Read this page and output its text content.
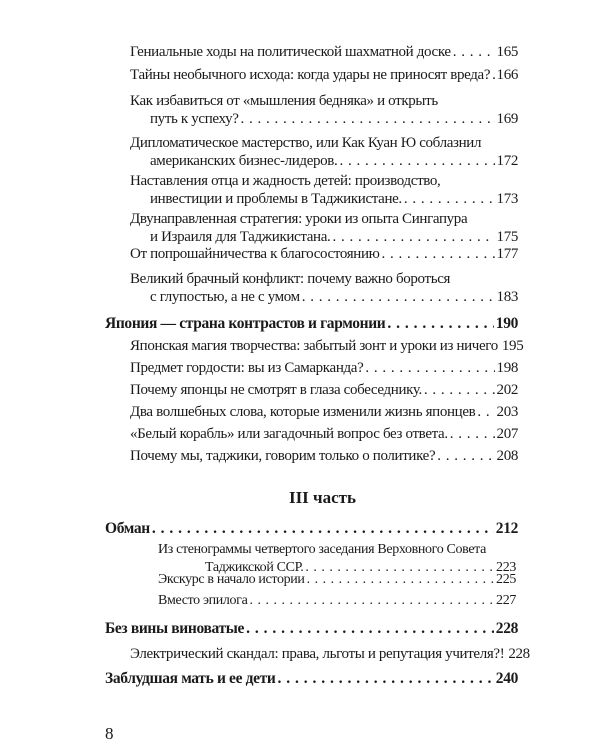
Гениальные ходы на политической шахматной доске . . .	165
Тайны необычного исхода: когда удары не приносят вреда? . . . 166
Как избавиться от «мышления бедняка» и открыть
путь к успеху? . . .	169
Дипломатическое мастерство, или Как Куан Ю соблазнил
американских бизнес-лидеров. . . .	172
Наставления отца и жадность детей: производство,
инвестиции и проблемы в Таджикистане. . . .	173
Двунаправленная стратегия: уроки из опыта Сингапура
и Израиля для Таджикистана. . . .	175
От попрошайничества к благосостоянию . . .	177
Великий брачный конфликт: почему важно бороться
с глупостью, а не с умом . . .	183
Япония — страна контрастов и гармонии . . .	190
Японская магия творчества: забытый зонт и уроки из ничего 195
Предмет гордости: вы из Самарканда? . . .	198
Почему японцы не смотрят в глаза собеседнику. . . .	202
Два волшебных слова, которые изменили жизнь японцев . . . 203
«Белый корабль» или загадочный вопрос без ответа. . . .	207
Почему мы, таджики, говорим только о политике? . . .	208
III часть
Обман . . .	212
Из стенограммы четвертого заседания Верховного Совета
Таджикской ССР. . . .	223
Экскурс в начало истории . . .	225
Вместо эпилога . . .	227
Без вины виноватые . . .	228
Электрический скандал: права, льготы и репутация учителя?! 228
Заблудшая мать и ее дети . . .	240
8
